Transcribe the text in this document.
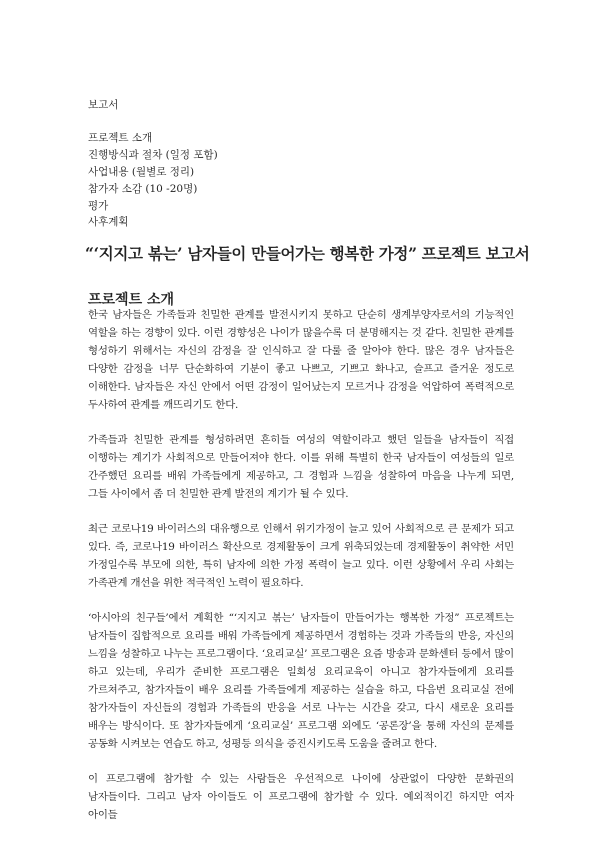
보고서
프로젝트 소개
진행방식과 절차 (일정 포함)
사업내용 (월별로 정리)
참가자 소감 (10 -20명)
평가
사후계획
“‘지지고 볶는’ 남자들이 만들어가는 행복한 가정” 프로젝트 보고서
프로젝트 소개

한국 남자들은 가족들과 친밀한 관계를 발전시키지 못하고 단순히 생계부양자로서의 기능적인 역할을 하는 경향이 있다. 이런 경향성은 나이가 많을수록 더 분명해지는 것 같다. 친밀한 관계를 형성하기 위해서는 자신의 감정을 잘 인식하고 잘 다룰 줄 알아야 한다. 많은 경우 남자들은 다양한 감정을 너무 단순화하여 기분이 좋고 나쁘고, 기쁘고 화나고, 슬프고 즐거운 정도로 이해한다. 남자들은 자신 안에서 어떤 감정이 일어났는지 모르거나 감정을 억압하여 폭력적으로 두사하여 관계를 깨뜨리기도 한다.

가족들과 친밀한 관계를 형성하려면 흔히들 여성의 역할이라고 했던 일들을 남자들이 직접 이행하는 계기가 사회적으로 만들어져야 한다. 이를 위해 특별히 한국 남자들이 여성들의 일로 간주했던 요리를 배워 가족들에게 제공하고, 그 경험과 느낌을 성찰하여 마음을 나누게 되면, 그들 사이에서 좀 더 친밀한 관계 발전의 계기가 될 수 있다.

최근 코로나19 바이러스의 대유행으로 인해서 위기가정이 늘고 있어 사회적으로 큰 문제가 되고 있다. 즉, 코로나19 바이러스 확산으로 경제활동이 크게 위축되었는데 경제활동이 취약한 서민 가정일수록 부모에 의한, 특히 남자에 의한 가정 폭력이 늘고 있다. 이런 상황에서 우리 사회는 가족관계 개선을 위한 적극적인 노력이 필요하다.

‘아시아의 친구들’에서 계획한 “‘지지고 볶는’ 남자들이 만들어가는 행복한 가정” 프로젝트는 남자들이 집합적으로 요리를 배워 가족들에게 제공하면서 경험하는 것과 가족들의 반응, 자신의 느낌을 성찰하고 나누는 프로그램이다. ‘요리교실’ 프로그램은 요즘 방송과 문화센터 등에서 많이 하고 있는데, 우리가 준비한 프로그램은 일회성 요리교육이 아니고 참가자들에게 요리를 가르쳐주고, 참가자들이 배우 요리를 가족들에게 제공하는 실습을 하고, 다음번 요리교실 전에 참가자들이 자신들의 경험과 가족들의 반응을 서로 나누는 시간을 갖고, 다시 새로운 요리를 배우는 방식이다. 또 참가자들에게 ‘요리교실’ 프로그램 외에도 ‘공론장’을 통해 자신의 문제를 공동화 시켜보는 연습도 하고, 성평등 의식을 증진시키도록 도움을 줄려고 한다.

이 프로그램에 참가할 수 있는 사람들은 우선적으로 나이에 상관없이 다양한 문화권의 남자들이다. 그리고 남자 아이들도 이 프로그램에 참가할 수 있다. 예외적이긴 하지만 여자 아이들
